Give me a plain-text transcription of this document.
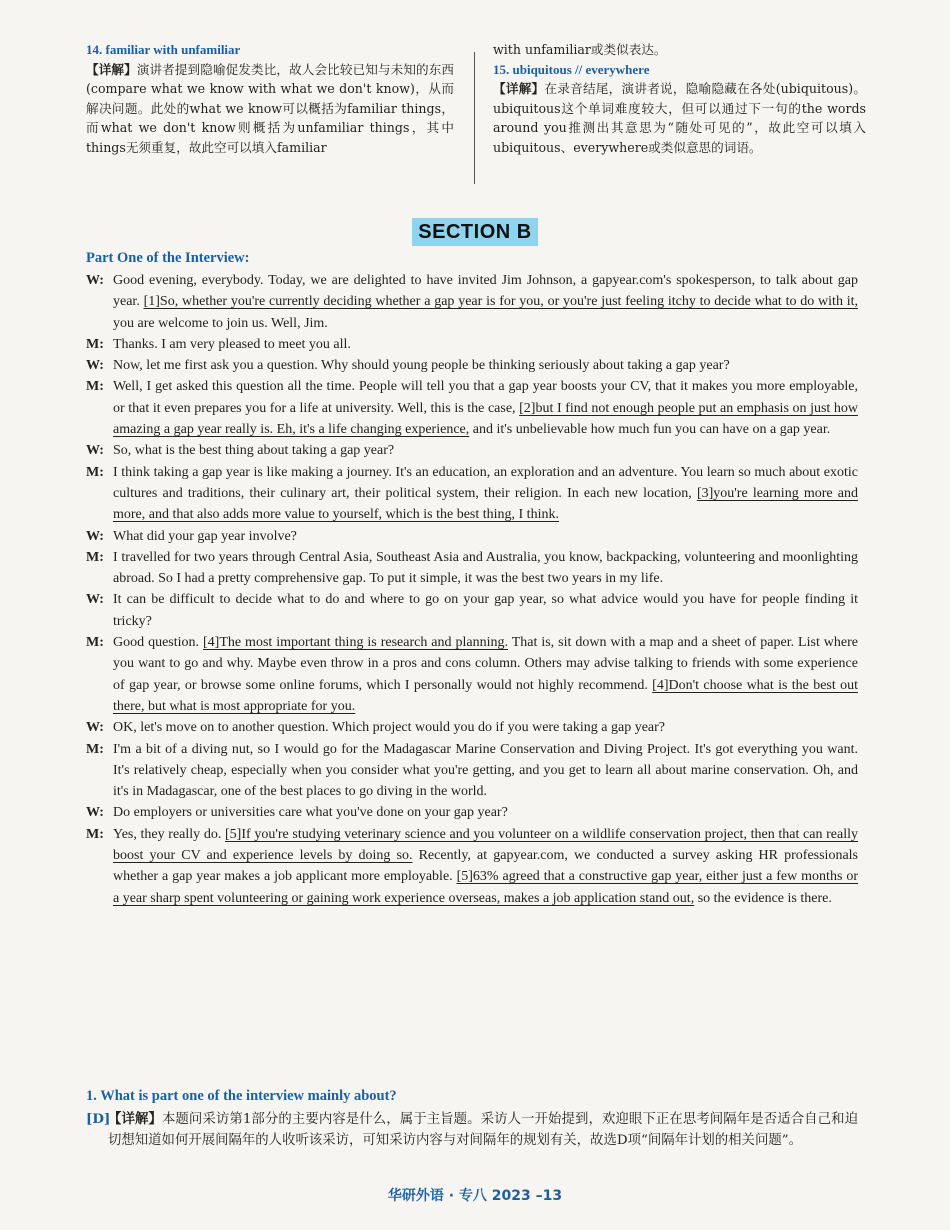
14. familiar with unfamiliar
【详解】演讲者提到隐喻促发类比，故人会比较已知与未知的东西(compare what we know with what we don't know)，从而解决问题。此处的what we know可以概括为familiar things，而what we don't know则概括为unfamiliar things，其中things无须重复，故此空可以填入familiar
with unfamiliar或类似表达。
15. ubiquitous // everywhere
【详解】在录音结尾，演讲者说，隐喻隐藏在各处(ubiquitous)。ubiquitous这个单词难度较大，但可以通过下一句的the words around you推测出其意思为“随处可见的”，故此空可以填入ubiquitous、everywhere或类似意思的词语。
SECTION B
Part One of the Interview:
W: Good evening, everybody. Today, we are delighted to have invited Jim Johnson, a gapyear.com's spokesperson, to talk about gap year. [1]So, whether you're currently deciding whether a gap year is for you, or you're just feeling itchy to decide what to do with it, you are welcome to join us. Well, Jim.
M: Thanks. I am very pleased to meet you all.
W: Now, let me first ask you a question. Why should young people be thinking seriously about taking a gap year?
M: Well, I get asked this question all the time. People will tell you that a gap year boosts your CV, that it makes you more employable, or that it even prepares you for a life at university. Well, this is the case, [2]but I find not enough people put an emphasis on just how amazing a gap year really is. Eh, it's a life changing experience, and it's unbelievable how much fun you can have on a gap year.
W: So, what is the best thing about taking a gap year?
M: I think taking a gap year is like making a journey. It's an education, an exploration and an adventure. You learn so much about exotic cultures and traditions, their culinary art, their political system, their religion. In each new location, [3]you're learning more and more, and that also adds more value to yourself, which is the best thing, I think.
W: What did your gap year involve?
M: I travelled for two years through Central Asia, Southeast Asia and Australia, you know, backpacking, volunteering and moonlighting abroad. So I had a pretty comprehensive gap. To put it simple, it was the best two years in my life.
W: It can be difficult to decide what to do and where to go on your gap year, so what advice would you have for people finding it tricky?
M: Good question. [4]The most important thing is research and planning. That is, sit down with a map and a sheet of paper. List where you want to go and why. Maybe even throw in a pros and cons column. Others may advise talking to friends with some experience of gap year, or browse some online forums, which I personally would not highly recommend. [4]Don't choose what is the best out there, but what is most appropriate for you.
W: OK, let's move on to another question. Which project would you do if you were taking a gap year?
M: I'm a bit of a diving nut, so I would go for the Madagascar Marine Conservation and Diving Project. It's got everything you want. It's relatively cheap, especially when you consider what you're getting, and you get to learn all about marine conservation. Oh, and it's in Madagascar, one of the best places to go diving in the world.
W: Do employers or universities care what you've done on your gap year?
M: Yes, they really do. [5]If you're studying veterinary science and you volunteer on a wildlife conservation project, then that can really boost your CV and experience levels by doing so. Recently, at gapyear.com, we conducted a survey asking HR professionals whether a gap year makes a job applicant more employable. [5]63% agreed that a constructive gap year, either just a few months or a year sharp spent volunteering or gaining work experience overseas, makes a job application stand out, so the evidence is there.
1. What is part one of the interview mainly about?
[D]
【详解】本题问采访第1部分的主要内容是什么，属于主旨题。采访人一开始提到，欢迎眼下正在思考间隔年是否适合自己和迫切想知道如何开展间隔年的人收听该采访，可知采访内容与对间隔年的规划有关，故选D项“间隔年计划的相关问题”。
华研外语 · 专八 2023 –13
